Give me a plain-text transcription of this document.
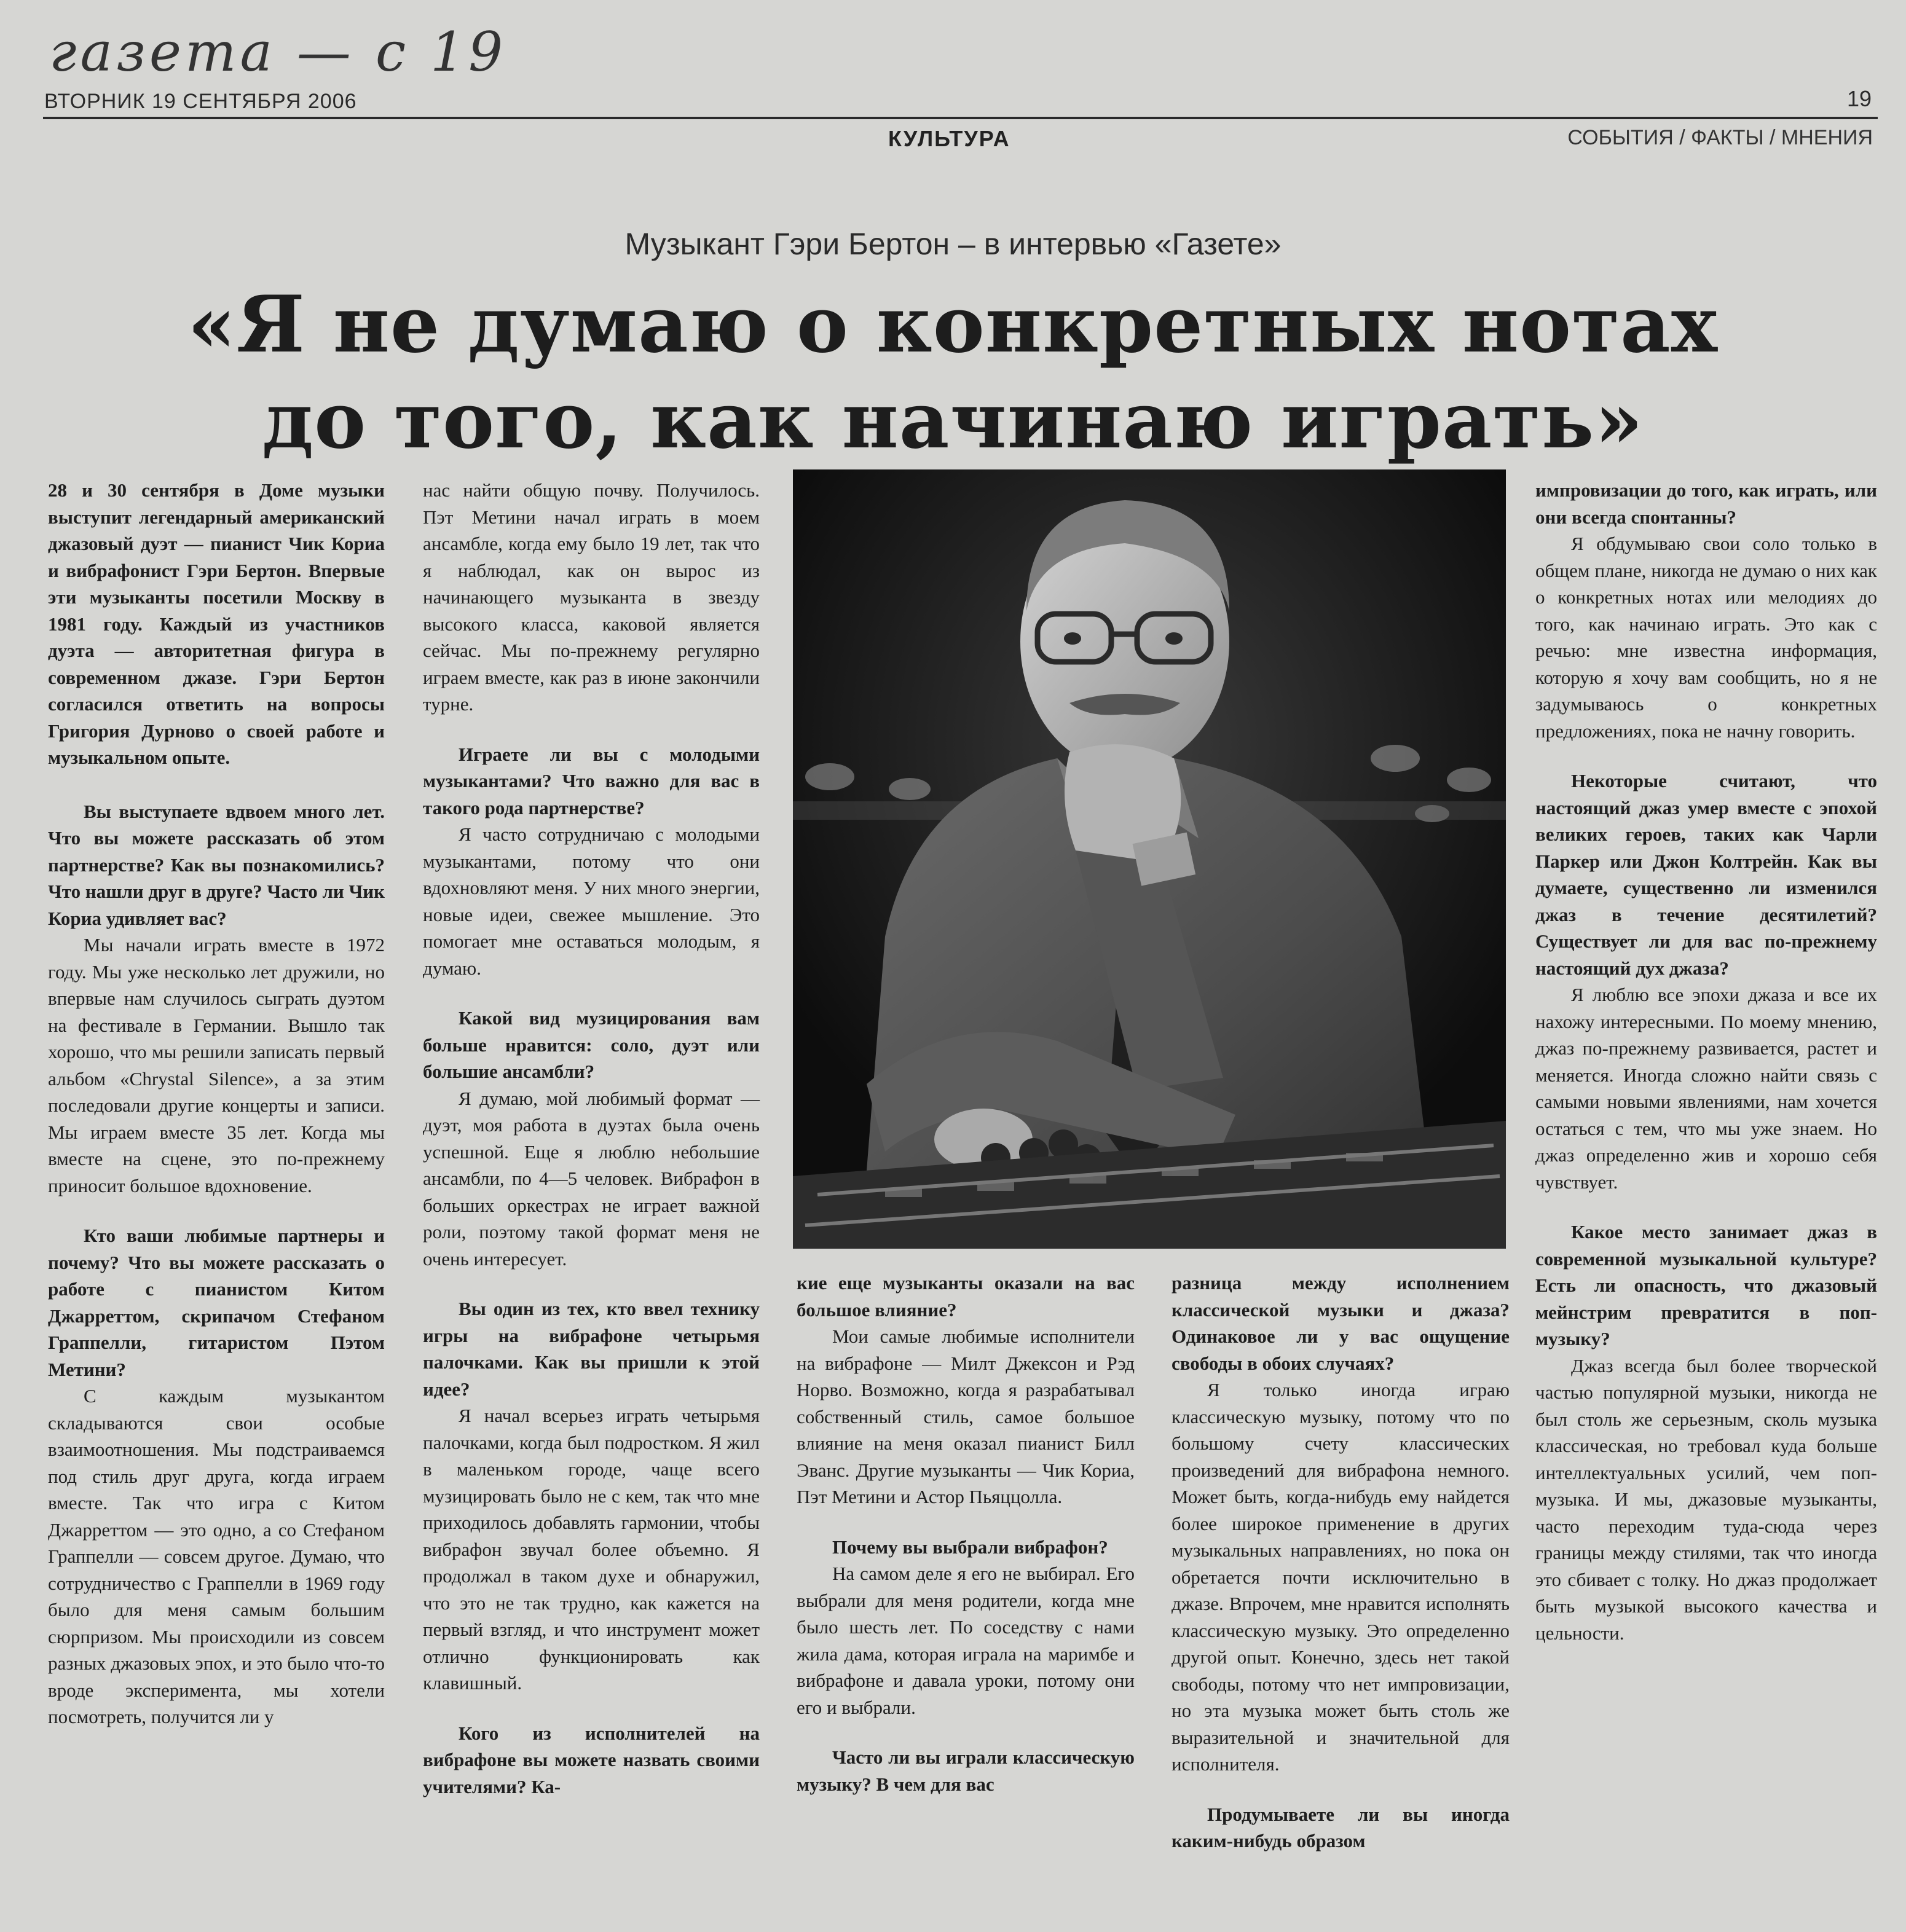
газета — с 19
ВТОРНИК 19 СЕНТЯБРЯ 2006	19
КУЛЬТУРА	СОБЫТИЯ / ФАКТЫ / МНЕНИЯ
Музыкант Гэри Бертон – в интервью «Газете»
«Я не думаю о конкретных нотах
до того, как начинаю играть»

28 и 30 сентября в Доме музыки выступит легендарный американский джазовый дуэт — пианист Чик Кориа и вибрафонист Гэри Бертон. Впервые эти музыканты посетили Москву в 1981 году. Каждый из участников дуэта — авторитетная фигура в современном джазе. Гэри Бертон согласился ответить на вопросы Григория Дурново о своей работе и музыкальном опыте.

Вы выступаете вдвоем много лет. Что вы можете рассказать об этом партнерстве? Как вы познакомились? Что нашли друг в друге? Часто ли Чик Кориа удивляет вас?

Мы начали играть вместе в 1972 году. Мы уже несколько лет дружили, но впервые нам случилось сыграть дуэтом на фестивале в Германии. Вышло так хорошо, что мы решили записать первый альбом «Chrystal Silence», а за этим последовали другие концерты и записи. Мы играем вместе 35 лет. Когда мы вместе на сцене, это по-прежнему приносит большое вдохновение.

Кто ваши любимые партнеры и почему? Что вы можете рассказать о работе с пианистом Китом Джарреттом, скрипачом Стефаном Граппелли, гитаристом Пэтом Метини?

С каждым музыкантом складываются свои особые взаимоотношения. Мы подстраиваемся под стиль друг друга, когда играем вместе. Так что игра с Китом Джарреттом — это одно, а со Стефаном Граппелли — совсем другое. Думаю, что сотрудничество с Граппелли в 1969 году было для меня самым большим сюрпризом. Мы происходили из совсем разных джазовых эпох, и это было что-то вроде эксперимента, мы хотели посмотреть, получится ли у

нас найти общую почву. Получилось. Пэт Метини начал играть в моем ансамбле, когда ему было 19 лет, так что я наблюдал, как он вырос из начинающего музыканта в звезду высокого класса, каковой является сейчас. Мы по-прежнему регулярно играем вместе, как раз в июне закончили турне.

Играете ли вы с молодыми музыкантами? Что важно для вас в такого рода партнерстве?

Я часто сотрудничаю с молодыми музыкантами, потому что они вдохновляют меня. У них много энергии, новые идеи, свежее мышление. Это помогает мне оставаться молодым, я думаю.

Какой вид музицирования вам больше нравится: соло, дуэт или большие ансамбли?

Я думаю, мой любимый формат — дуэт, моя работа в дуэтах была очень успешной. Еще я люблю небольшие ансамбли, по 4—5 человек. Вибрафон в больших оркестрах не играет важной роли, поэтому такой формат меня не очень интересует.

Вы один из тех, кто ввел технику игры на вибрафоне четырьмя палочками. Как вы пришли к этой идее?

Я начал всерьез играть четырьмя палочками, когда был подростком. Я жил в маленьком городе, чаще всего музицировать было не с кем, так что мне приходилось добавлять гармонии, чтобы вибрафон звучал более объемно. Я продолжал в таком духе и обнаружил, что это не так трудно, как кажется на первый взгляд, и что инструмент может отлично функционировать как клавишный.

Кого из исполнителей на вибрафоне вы можете назвать своими учителями? Ка-

кие еще музыканты оказали на вас большое влияние?

Мои самые любимые исполнители на вибрафоне — Милт Джексон и Рэд Норво. Возможно, когда я разрабатывал собственный стиль, самое большое влияние на меня оказал пианист Билл Эванс. Другие музыканты — Чик Кориа, Пэт Метини и Астор Пьяццолла.

Почему вы выбрали вибрафон?

На самом деле я его не выбирал. Его выбрали для меня родители, когда мне было шесть лет. По соседству с нами жила дама, которая играла на маримбе и вибрафоне и давала уроки, потому они его и выбрали.

Часто ли вы играли классическую музыку? В чем для вас

разница между исполнением классической музыки и джаза? Одинаковое ли у вас ощущение свободы в обоих случаях?

Я только иногда играю классическую музыку, потому что по большому счету классических произведений для вибрафона немного. Может быть, когда-нибудь ему найдется более широкое применение в других музыкальных направлениях, но пока он обретается почти исключительно в джазе. Впрочем, мне нравится исполнять классическую музыку. Это определенно другой опыт. Конечно, здесь нет такой свободы, потому что нет импровизации, но эта музыка может быть столь же выразительной и значительной для исполнителя.

Продумываете ли вы иногда каким-нибудь образом

импровизации до того, как играть, или они всегда спонтанны?

Я обдумываю свои соло только в общем плане, никогда не думаю о них как о конкретных нотах или мелодиях до того, как начинаю играть. Это как с речью: мне известна информация, которую я хочу вам сообщить, но я не задумываюсь о конкретных предложениях, пока не начну говорить.

Некоторые считают, что настоящий джаз умер вместе с эпохой великих героев, таких как Чарли Паркер или Джон Колтрейн. Как вы думаете, существенно ли изменился джаз в течение десятилетий? Существует ли для вас по-прежнему настоящий дух джаза?

Я люблю все эпохи джаза и все их нахожу интересными. По моему мнению, джаз по-прежнему развивается, растет и меняется. Иногда сложно найти связь с самыми новыми явлениями, нам хочется остаться с тем, что мы уже знаем. Но джаз определенно жив и хорошо себя чувствует.

Какое место занимает джаз в современной музыкальной культуре? Есть ли опасность, что джазовый мейнстрим превратится в поп-музыку?

Джаз всегда был более творческой частью популярной музыки, никогда не был столь же серьезным, сколь музыка классическая, но требовал куда больше интеллектуальных усилий, чем поп-музыка. И мы, джазовые музыканты, часто переходим туда-сюда через границы между стилями, так что иногда это сбивает с толку. Но джаз продолжает быть музыкой высокого качества и цельности.
